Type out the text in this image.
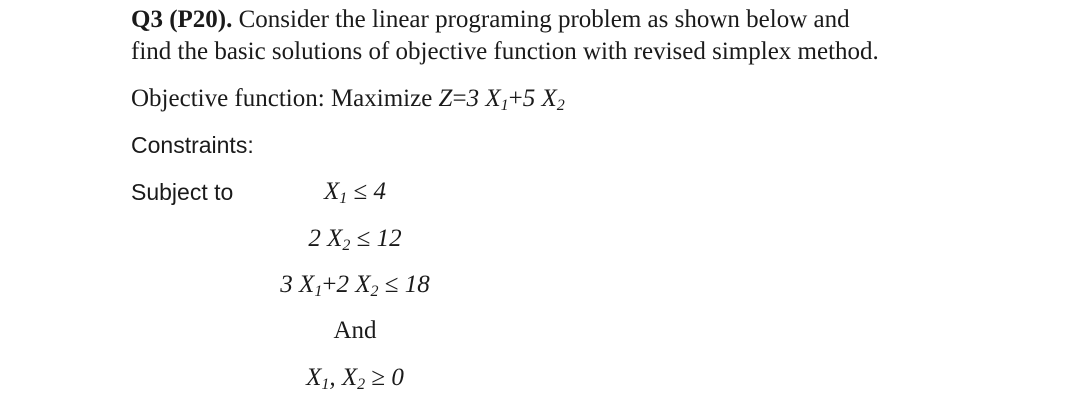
Q3 (P20). Consider the linear programing problem as shown below and
find the basic solutions of objective function with revised simplex method.
Objective function: Maximize Z=3 $X_1+5$ $X_2$
Constraints:
Subject to	$X_1 \le 4$
2 $X_2 \le 12$
3 $X_1+2$ $X_2 \le 18$
And
$X_1$, $X_2 \ge 0$
